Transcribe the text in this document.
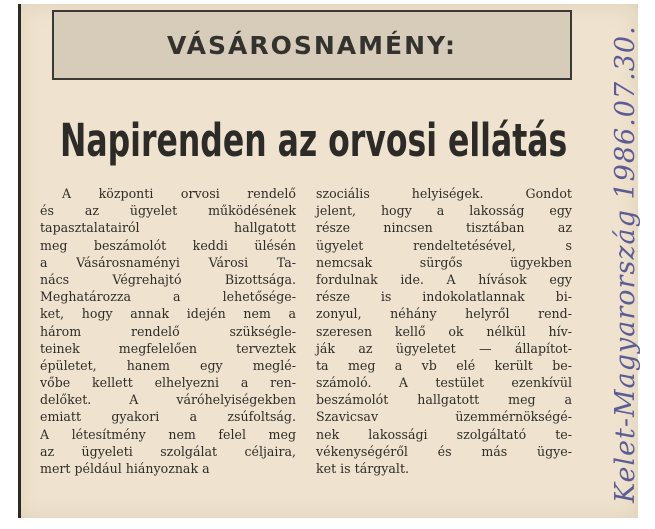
VÁSÁROSNAMÉNY:
Napirenden az orvosi ellátás
A központi orvosi rendelő
és az ügyelet működésének
tapasztalatairól hallgatott
meg beszámolót keddi ülésén
a Vásárosnaményi Városi Ta-
nács Végrehajtó Bizottsága.
Meghatározza a lehetősége-
ket, hogy annak idején nem a
három rendelő szükségle-
teinek megfelelően terveztek
épületet, hanem egy meglé-
vőbe kellett elhelyezni a ren-
delőket. A váróhelyiségekben
emiatt gyakori a zsúfoltság.
A létesítmény nem felel meg
az ügyeleti szolgálat céljaira,
mert például hiányoznak a
szociális helyiségek. Gondot
jelent, hogy a lakosság egy
része nincsen tisztában az
ügyelet rendeltetésével, s
nemcsak sürgős ügyekben
fordulnak ide. A hívások egy
része is indokolatlannak bi-
zonyul, néhány helyről rend-
szeresen kellő ok nélkül hív-
ják az ügyeletet — állapítot-
ta meg a vb elé került be-
számoló. A testület ezenkívül
beszámolót hallgatott meg a
Szavicsav üzemmérnökségé-
nek lakossági szolgáltató te-
vékenységéről és más ügye-
ket is tárgyalt.	Kelet-Magyarország 1986.07.30.
